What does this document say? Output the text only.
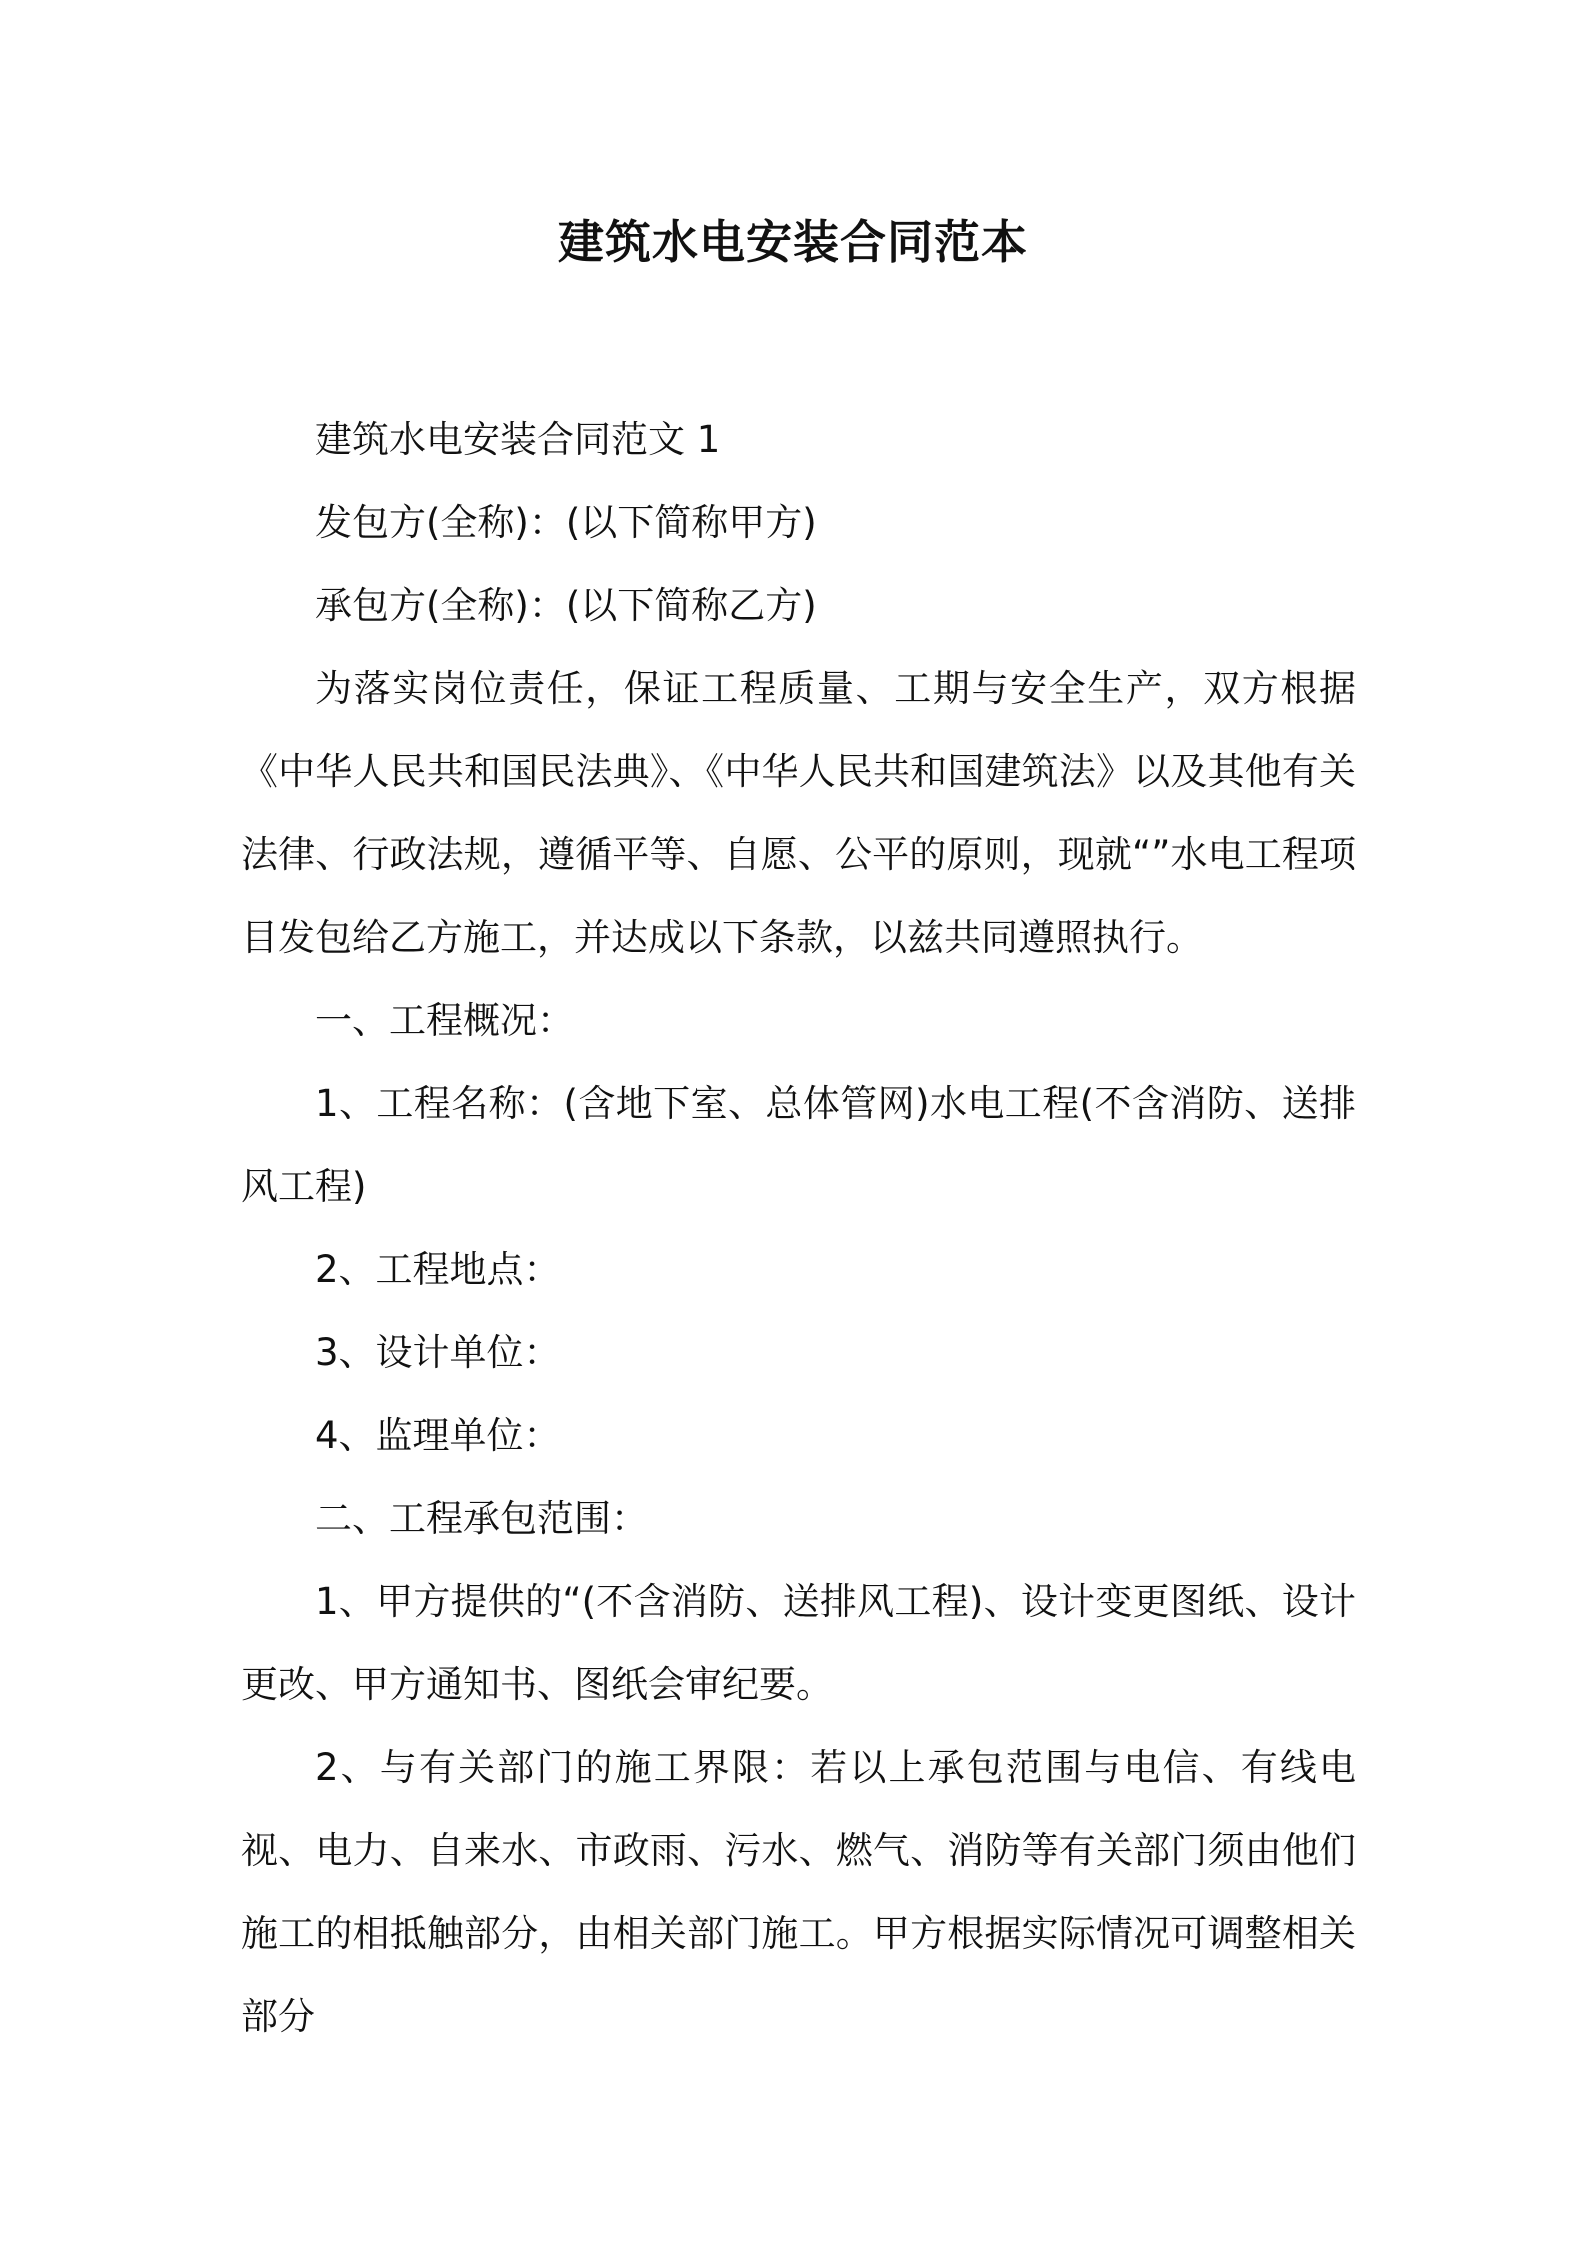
建筑水电安装合同范本

建筑水电安装合同范文 1

发包方(全称)：(以下简称甲方)

承包方(全称)：(以下简称乙方)

为落实岗位责任，保证工程质量、工期与安全生产，双方根据《中华人民共和国民法典》、《中华人民共和国建筑法》以及其他有关法律、行政法规，遵循平等、自愿、公平的原则，现就“”水电工程项目发包给乙方施工，并达成以下条款，以兹共同遵照执行。

一、工程概况：

1、工程名称：(含地下室、总体管网)水电工程(不含消防、送排风工程)

2、工程地点：

3、设计单位：

4、监理单位：

二、工程承包范围：

1、甲方提供的“(不含消防、送排风工程)、设计变更图纸、设计更改、甲方通知书、图纸会审纪要。

2、与有关部门的施工界限：若以上承包范围与电信、有线电视、电力、自来水、市政雨、污水、燃气、消防等有关部门须由他们施工的相抵触部分，由相关部门施工。甲方根据实际情况可调整相关部分
